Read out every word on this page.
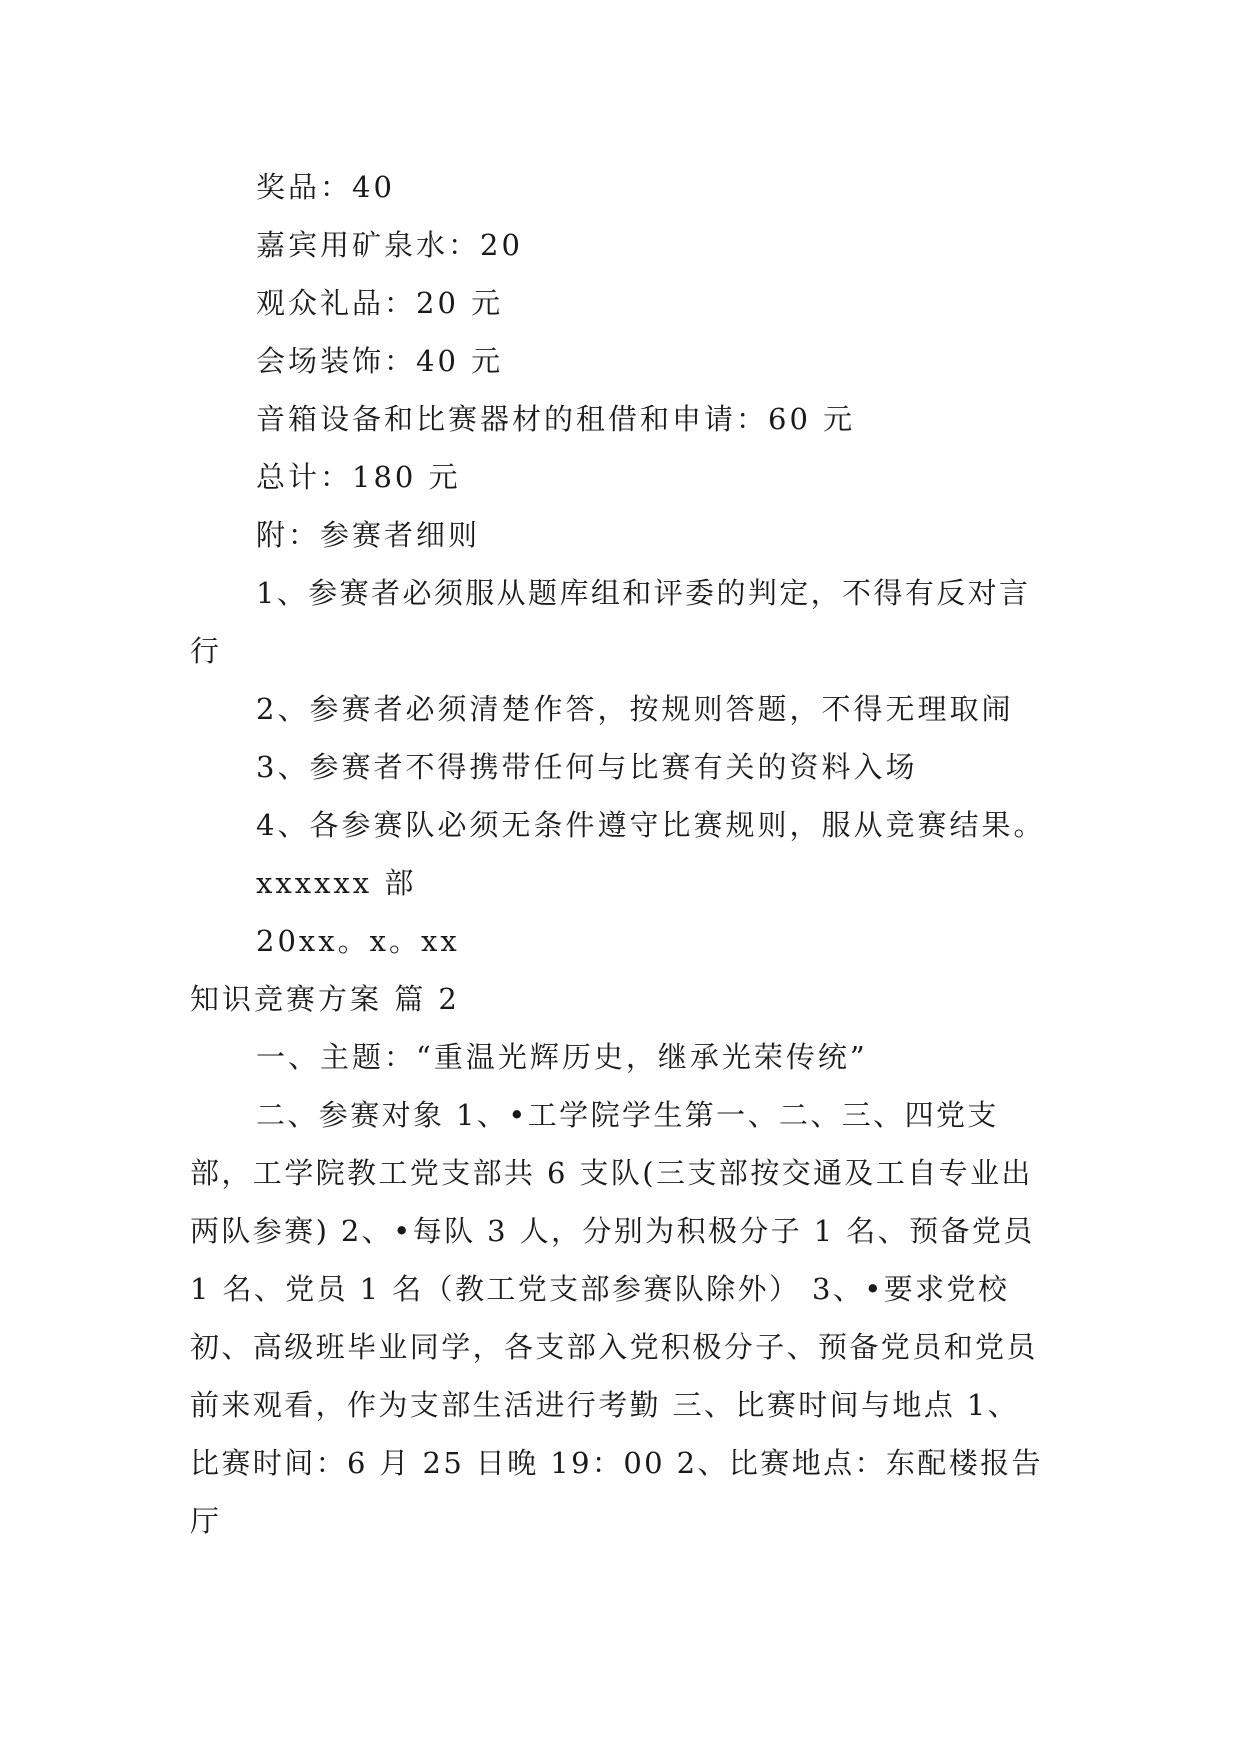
奖品：40
嘉宾用矿泉水：20
观众礼品：20 元
会场装饰：40 元
音箱设备和比赛器材的租借和申请：60 元
总计：180 元
附：参赛者细则
1、参赛者必须服从题库组和评委的判定，不得有反对言行
2、参赛者必须清楚作答，按规则答题，不得无理取闹
3、参赛者不得携带任何与比赛有关的资料入场
4、各参赛队必须无条件遵守比赛规则，服从竞赛结果。
xxxxxx 部
20xx。x。xx
知识竞赛方案 篇 2
一、主题：“重温光辉历史，继承光荣传统”
二、参赛对象 1、•工学院学生第一、二、三、四党支部，工学院教工党支部共 6 支队(三支部按交通及工自专业出两队参赛) 2、•每队 3 人，分别为积极分子 1 名、预备党员 1 名、党员 1 名（教工党支部参赛队除外） 3、•要求党校初、高级班毕业同学，各支部入党积极分子、预备党员和党员前来观看，作为支部生活进行考勤 三、比赛时间与地点 1、比赛时间：6 月 25 日晚 19：00 2、比赛地点：东配楼报告厅
